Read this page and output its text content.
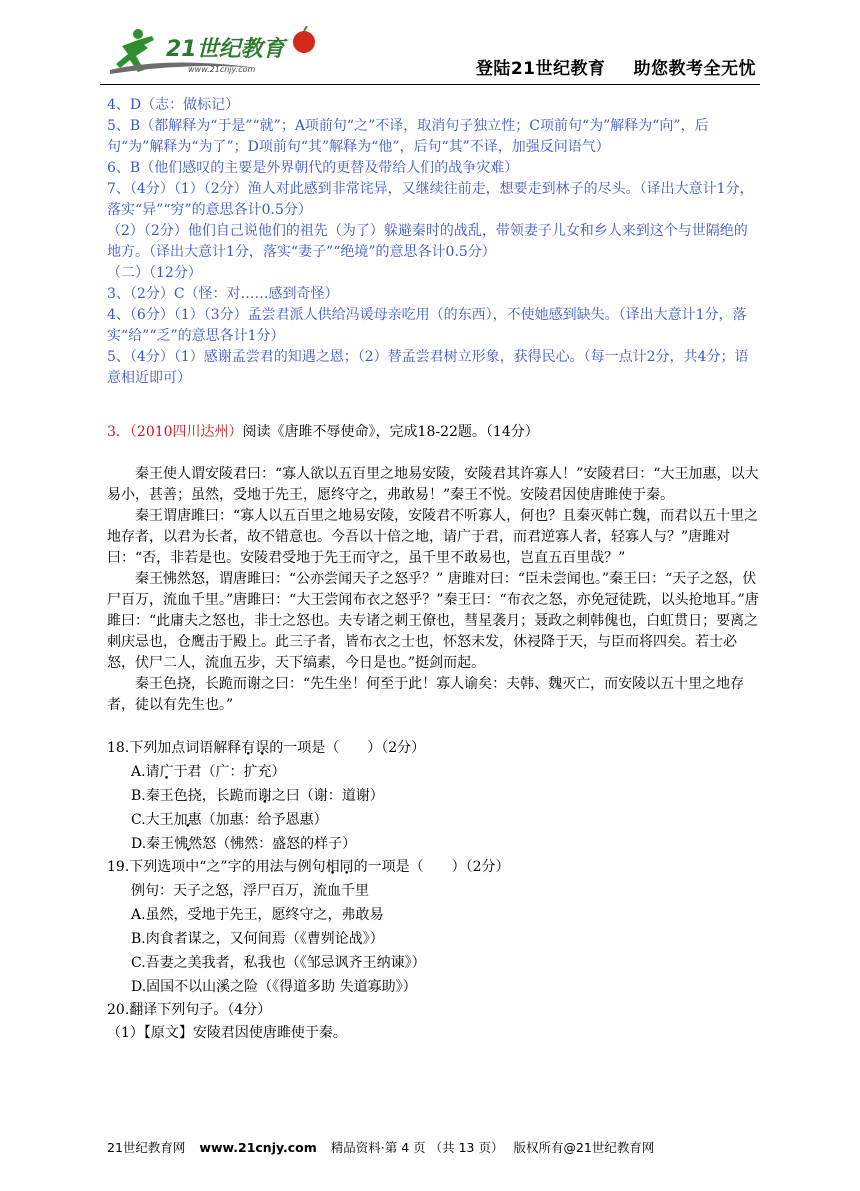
21世纪教育
www.21cnjy.com	登陆21世纪教育 助您教考全无忧

4、D（志：做标记）

5、B（都解释为“于是”“就”；A项前句“之”不译，取消句子独立性；C项前句“为”解释为“向”，后句“为”解释为“为了”；D项前句“其”解释为“他”，后句“其”不译，加强反问语气）

6、B（他们感叹的主要是外界朝代的更替及带给人们的战争灾难）

7、（4分）（1）（2分）渔人对此感到非常诧异，又继续往前走，想要走到林子的尽头。（译出大意计1分，落实“异”“穷”的意思各计0.5分）

（2）（2分）他们自己说他们的祖先（为了）躲避秦时的战乱，带领妻子儿女和乡人来到这个与世隔绝的地方。（译出大意计1分，落实“妻子”“绝境”的意思各计0.5分）

（二）（12分）

3、（2分）C（怪：对……感到奇怪）

4、（6分）（1）（3分）孟尝君派人供给冯谖母亲吃用（的东西），不使她感到缺失。（译出大意计1分，落实“给”“乏”的意思各计1分）

5、（4分）（1）感谢孟尝君的知遇之恩；（2）替孟尝君树立形象，获得民心。（每一点计2分，共4分；语意相近即可）

3．（2010四川达州）阅读《唐雎不辱使命》，完成18-22题。（14分）

秦王使人谓安陵君曰：“寡人欲以五百里之地易安陵，安陵君其许寡人！”安陵君曰：“大王加惠，以大易小，甚善；虽然，受地于先王，愿终守之，弗敢易！”秦王不悦。安陵君因使唐雎使于秦。

秦王谓唐雎曰：“寡人以五百里之地易安陵，安陵君不听寡人，何也？且秦灭韩亡魏，而君以五十里之地存者，以君为长者，故不错意也。今吾以十倍之地，请广于君，而君逆寡人者，轻寡人与？”唐雎对曰：“否，非若是也。安陵君受地于先王而守之，虽千里不敢易也，岂直五百里哉？”

秦王怫然怒，谓唐雎曰：“公亦尝闻天子之怒乎？” 唐雎对曰：“臣未尝闻也。”秦王曰：“天子之怒，伏尸百万，流血千里。”唐雎曰：“大王尝闻布衣之怒乎？”秦王曰：“布衣之怒，亦免冠徒跣，以头抢地耳。”唐雎曰：“此庸夫之怒也，非士之怒也。夫专诸之刺王僚也，彗星袭月；聂政之刺韩傀也，白虹贯日；要离之刺庆忌也，仓鹰击于殿上。此三子者，皆布衣之士也，怀怒未发，休祲降于天，与臣而将四矣。若士必怒，伏尸二人，流血五步，天下缟素，今日是也。”挺剑而起。

秦王色挠，长跪而谢之曰：“先生坐！何至于此！寡人谕矣：夫韩、魏灭亡，而安陵以五十里之地存者，徒以有先生也。”

18.下列加点词语解释有误的一项是（　　）（2分）

A.请广于君（广：扩充）

B.秦王色挠，长跪而谢之曰（谢：道谢）

C.大王加惠（加惠：给予恩惠）

D.秦王怫然怒（怫然：盛怒的样子）

19.下列选项中“之”字的用法与例句相同的一项是（　　）（2分）

例句：天子之怒，浮尸百万，流血千里

A.虽然，受地于先王，愿终守之，弗敢易

B.肉食者谋之，又何间焉（《曹刿论战》）

C.吾妻之美我者，私我也（《邹忌讽齐王纳谏》）

D.固国不以山溪之险（《得道多助 失道寡助》）

20.翻译下列句子。（4分）

（1）【原文】安陵君因使唐雎使于秦。

21世纪教育网 www.21cnjy.com 精品资料·第 4 页 （共 13 页） 版权所有@21世纪教育网
